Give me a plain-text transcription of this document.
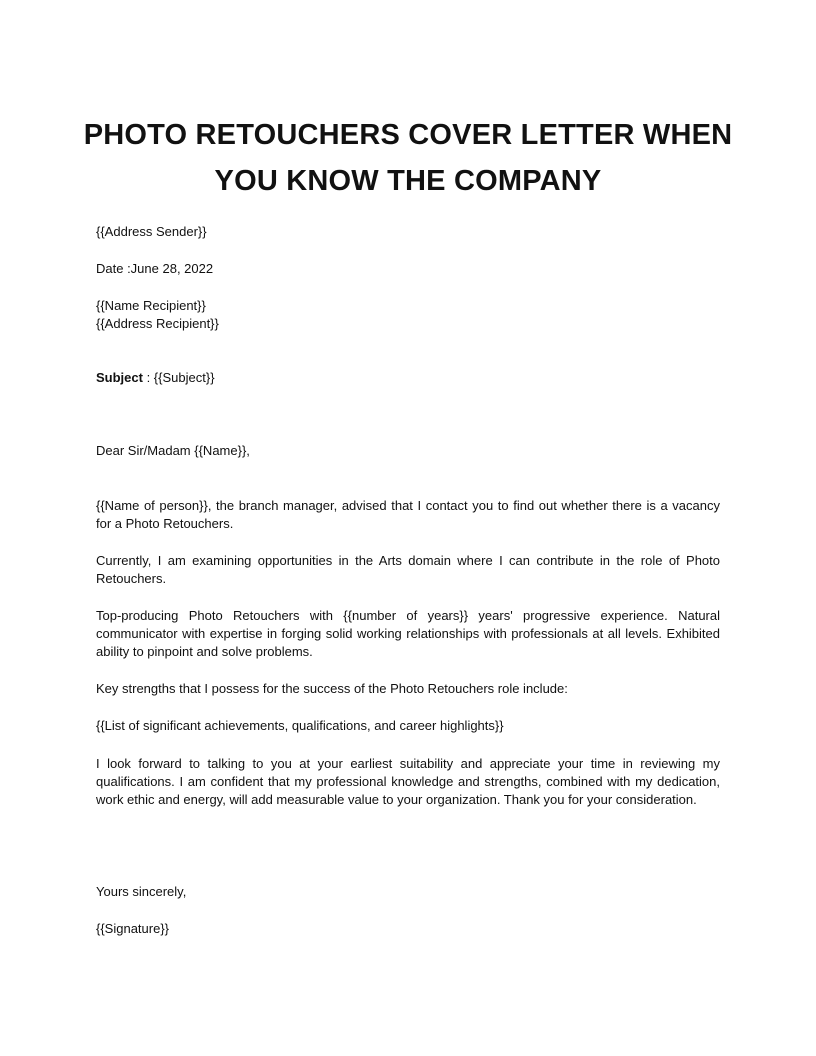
PHOTO RETOUCHERS COVER LETTER WHEN YOU KNOW THE COMPANY

{{Address Sender}}

Date :June 28, 2022

{{Name Recipient}}

{{Address Recipient}}

Subject : {{Subject}}

Dear Sir/Madam {{Name}},

{{Name of person}}, the branch manager, advised that I contact you to find out whether there is a vacancy for a Photo Retouchers.

Currently, I am examining opportunities in the Arts domain where I can contribute in the role of Photo Retouchers.

Top-producing Photo Retouchers with {{number of years}} years' progressive experience. Natural communicator with expertise in forging solid working relationships with professionals at all levels. Exhibited ability to pinpoint and solve problems.

Key strengths that I possess for the success of the Photo Retouchers role include:

{{List of significant achievements, qualifications, and career highlights}}

I look forward to talking to you at your earliest suitability and appreciate your time in reviewing my qualifications. I am confident that my professional knowledge and strengths, combined with my dedication, work ethic and energy, will add measurable value to your organization. Thank you for your consideration.

Yours sincerely,

{{Signature}}
